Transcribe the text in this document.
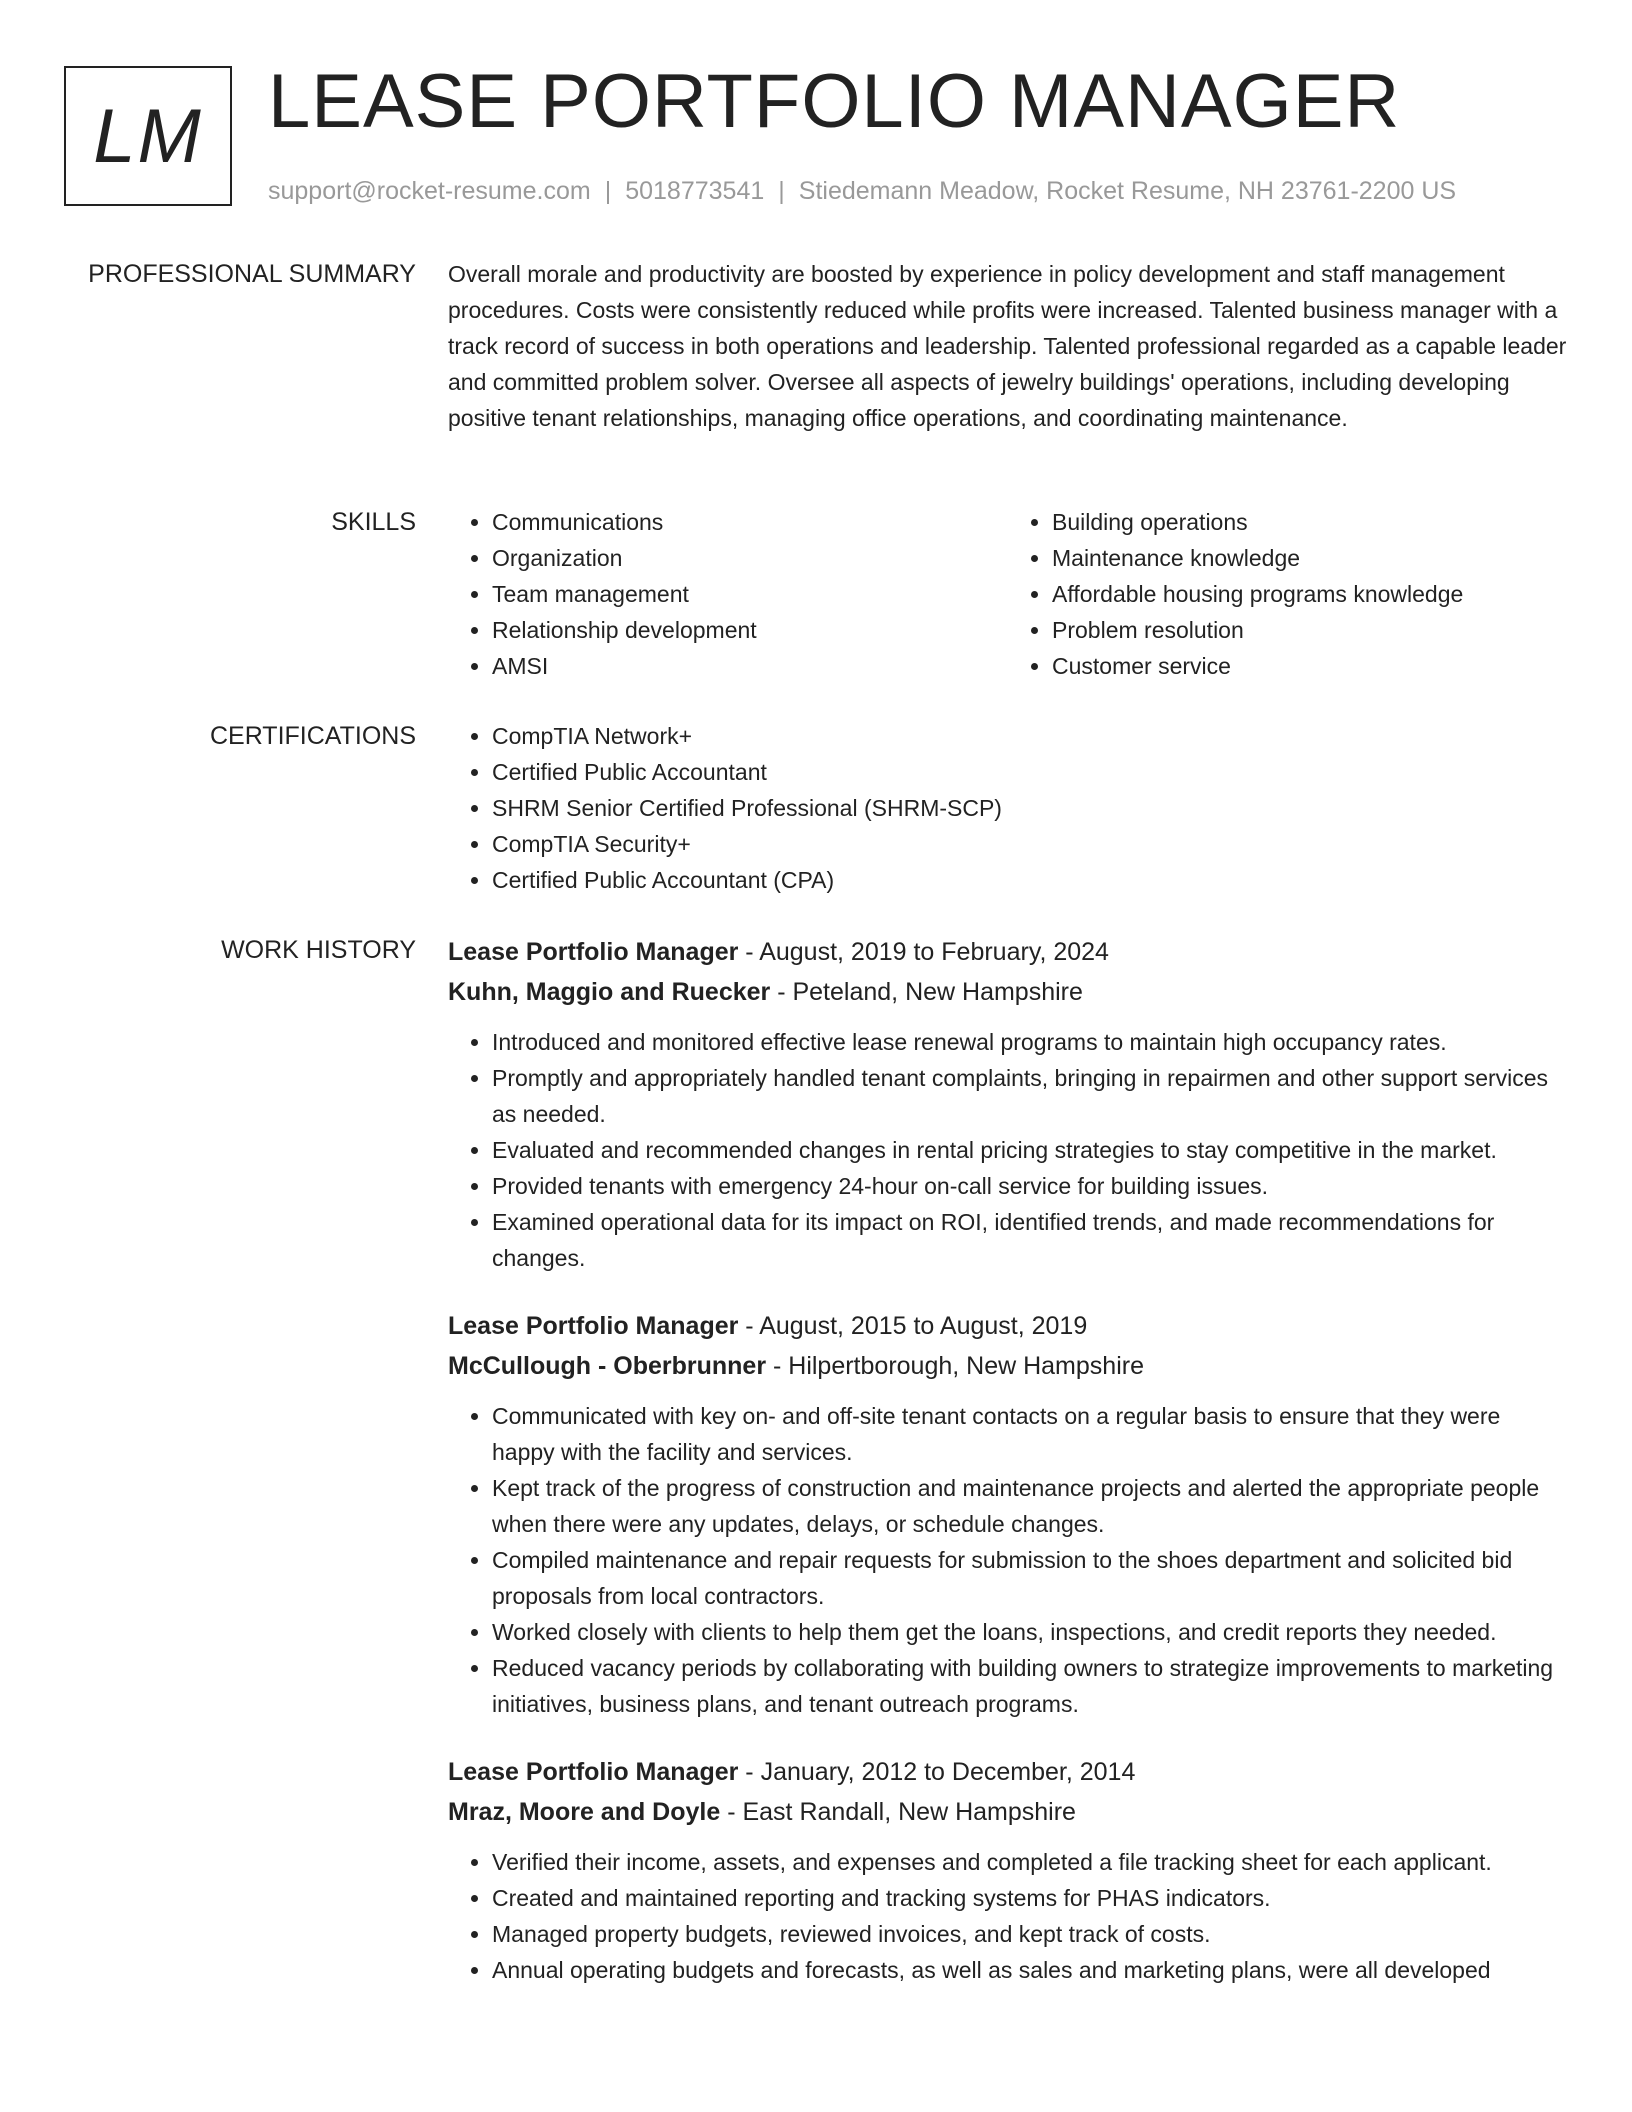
LM LEASE PORTFOLIO MANAGER
support@rocket-resume.com | 5018773541 | Stiedemann Meadow, Rocket Resume, NH 23761-2200 US
PROFESSIONAL SUMMARY Overall morale and productivity are boosted by experience in policy development and staff management procedures. Costs were consistently reduced while profits were increased. Talented business manager with a track record of success in both operations and leadership. Talented professional regarded as a capable leader and committed problem solver. Oversee all aspects of jewelry buildings' operations, including developing positive tenant relationships, managing office operations, and coordinating maintenance.

SKILLS	• Communications
• Organization
• Team management
• Relationship development
• AMSI
• Building operations
• Maintenance knowledge
• Affordable housing programs knowledge
• Problem resolution
• Customer service
CERTIFICATIONS	• CompTIA Network+
• Certified Public Accountant
• SHRM Senior Certified Professional (SHRM-SCP)
• CompTIA Security+
• Certified Public Accountant (CPA)
WORK HISTORY Lease Portfolio Manager - August, 2019 to February, 2024
Kuhn, Maggio and Ruecker - Peteland, New Hampshire
• Introduced and monitored effective lease renewal programs to maintain high occupancy rates.
• Promptly and appropriately handled tenant complaints, bringing in repairmen and other support services as needed.
• Evaluated and recommended changes in rental pricing strategies to stay competitive in the market.
• Provided tenants with emergency 24-hour on-call service for building issues.
• Examined operational data for its impact on ROI, identified trends, and made recommendations for changes.
Lease Portfolio Manager - August, 2015 to August, 2019
McCullough - Oberbrunner - Hilpertborough, New Hampshire
• Communicated with key on- and off-site tenant contacts on a regular basis to ensure that they were happy with the facility and services.
• Kept track of the progress of construction and maintenance projects and alerted the appropriate people when there were any updates, delays, or schedule changes.
• Compiled maintenance and repair requests for submission to the shoes department and solicited bid proposals from local contractors.
• Worked closely with clients to help them get the loans, inspections, and credit reports they needed.
• Reduced vacancy periods by collaborating with building owners to strategize improvements to marketing initiatives, business plans, and tenant outreach programs.
Lease Portfolio Manager - January, 2012 to December, 2014
Mraz, Moore and Doyle - East Randall, New Hampshire
• Verified their income, assets, and expenses and completed a file tracking sheet for each applicant.
• Created and maintained reporting and tracking systems for PHAS indicators.
• Managed property budgets, reviewed invoices, and kept track of costs.
• Annual operating budgets and forecasts, as well as sales and marketing plans, were all developed
